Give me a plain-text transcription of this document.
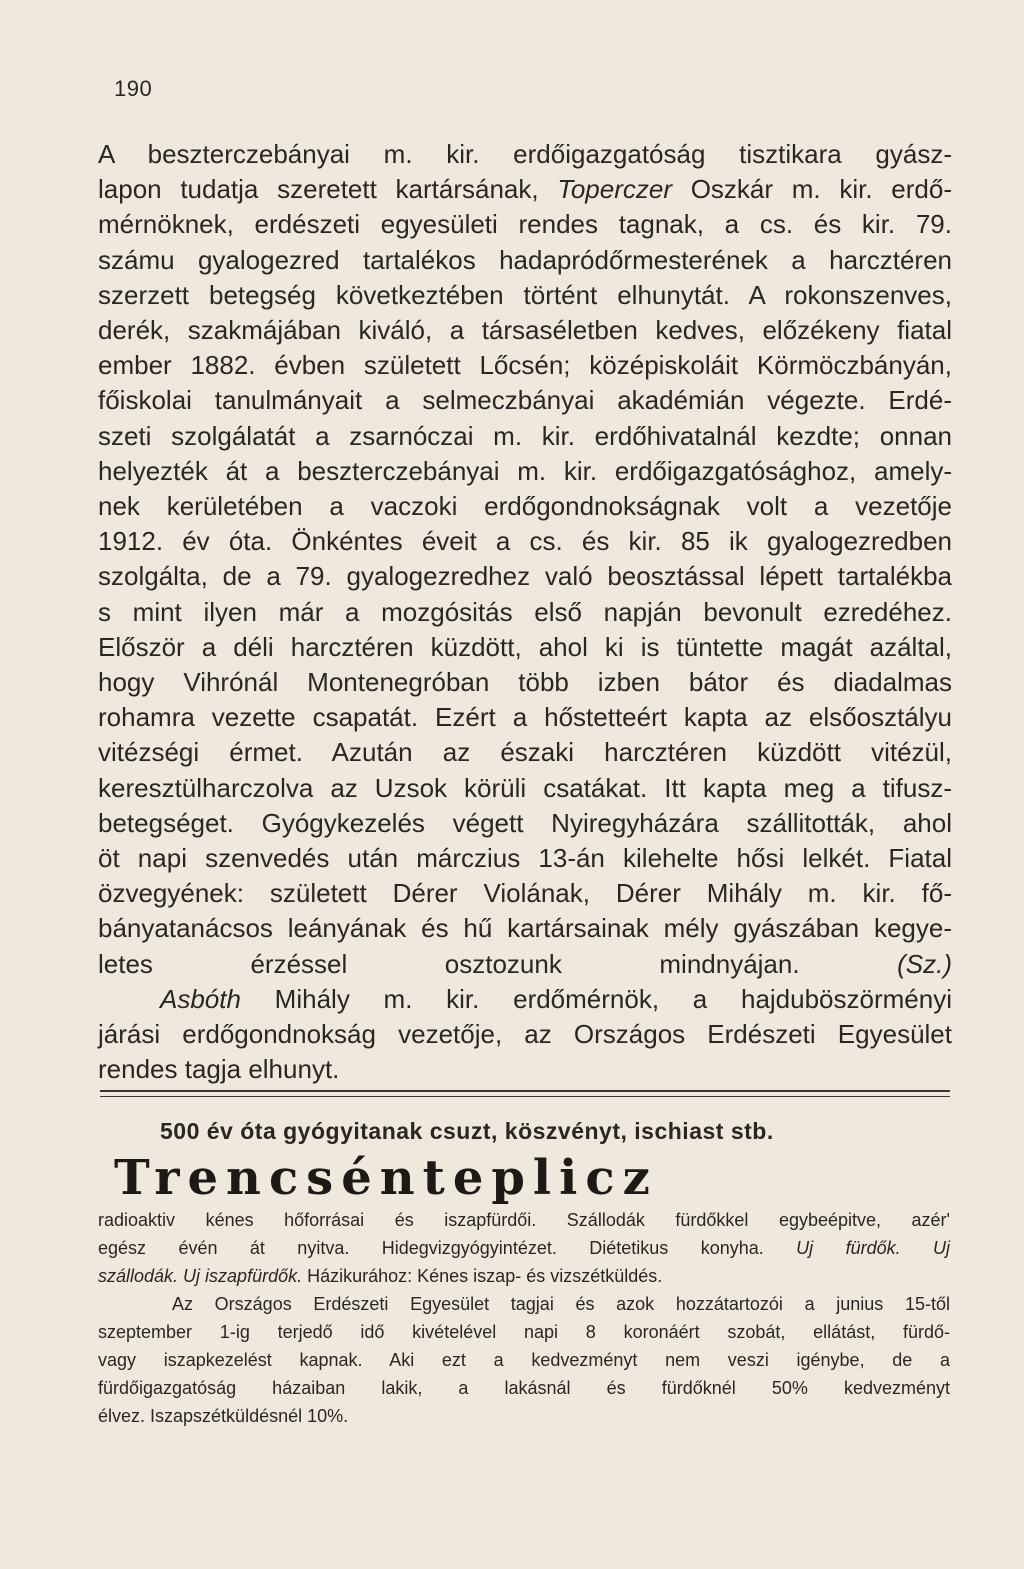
190
A beszterczebányai m. kir. erdőigazgatóság tisztikara gyász-
lapon tudatja szeretett kartársának, Toperczer Oszkár m. kir. erdő-
mérnöknek, erdészeti egyesületi rendes tagnak, a cs. és kir. 79.
számu gyalogezred tartalékos hadapródőrmesterének a harcztéren
szerzett betegség következtében történt elhunytát. A rokonszenves,
derék, szakmájában kiváló, a társaséletben kedves, előzékeny fiatal
ember 1882. évben született Lőcsén; középiskoláit Körmöczbányán,
főiskolai tanulmányait a selmeczbányai akadémián végezte. Erdé-
szeti szolgálatát a zsarnóczai m. kir. erdőhivatalnál kezdte; onnan
helyezték át a beszterczebányai m. kir. erdőigazgatósághoz, amely-
nek kerületében a vaczoki erdőgondnokságnak volt a vezetője
1912. év óta. Önkéntes éveit a cs. és kir. 85 ik gyalogezredben
szolgálta, de a 79. gyalogezredhez való beosztással lépett tartalékba
s mint ilyen már a mozgósitás első napján bevonult ezredéhez.
Először a déli harcztéren küzdött, ahol ki is tüntette magát azáltal,
hogy Vihrónál Montenegróban több izben bátor és diadalmas
rohamra vezette csapatát. Ezért a hőstetteért kapta az elsőosztályu
vitézségi érmet. Azután az északi harcztéren küzdött vitézül,
keresztülharczolva az Uzsok körüli csatákat. Itt kapta meg a tifusz-
betegséget. Gyógykezelés végett Nyiregyházára szállitották, ahol
öt napi szenvedés után márczius 13-án kilehelte hősi lelkét. Fiatal
özvegyének: született Dérer Violának, Dérer Mihály m. kir. fő-
bányatanácsos leányának és hű kartársainak mély gyászában kegye-
letes érzéssel osztozunk mindnyájan. (Sz.)
Asbóth Mihály m. kir. erdőmérnök, a hajduböszörményi
járási erdőgondnokság vezetője, az Országos Erdészeti Egyesület
rendes tagja elhunyt.
500 év óta gyógyitanak csuzt, köszvényt, ischiast stb.
Trencsénteplicz
radioaktiv kénes hőforrásai és iszapfürdői. Szállodák fürdőkkel egybeépitve, azér'
egész évén át nyitva. Hidegvizgyógyintézet. Diétetikus konyha. Uj fürdők. Uj
szállodák. Uj iszapfürdők. Házikurához: Kénes iszap- és vizszétküldés.
Az Országos Erdészeti Egyesület tagjai és azok hozzátartozói a junius 15-től
szeptember 1-ig terjedő idő kivételével napi 8 koronáért szobát, ellátást, fürdő-
vagy iszapkezelést kapnak. Aki ezt a kedvezményt nem veszi igénybe, de a
fürdőigazgatóság házaiban lakik, a lakásnál és fürdőknél 50% kedvezményt
élvez. Iszapszétküldésnél 10%.
